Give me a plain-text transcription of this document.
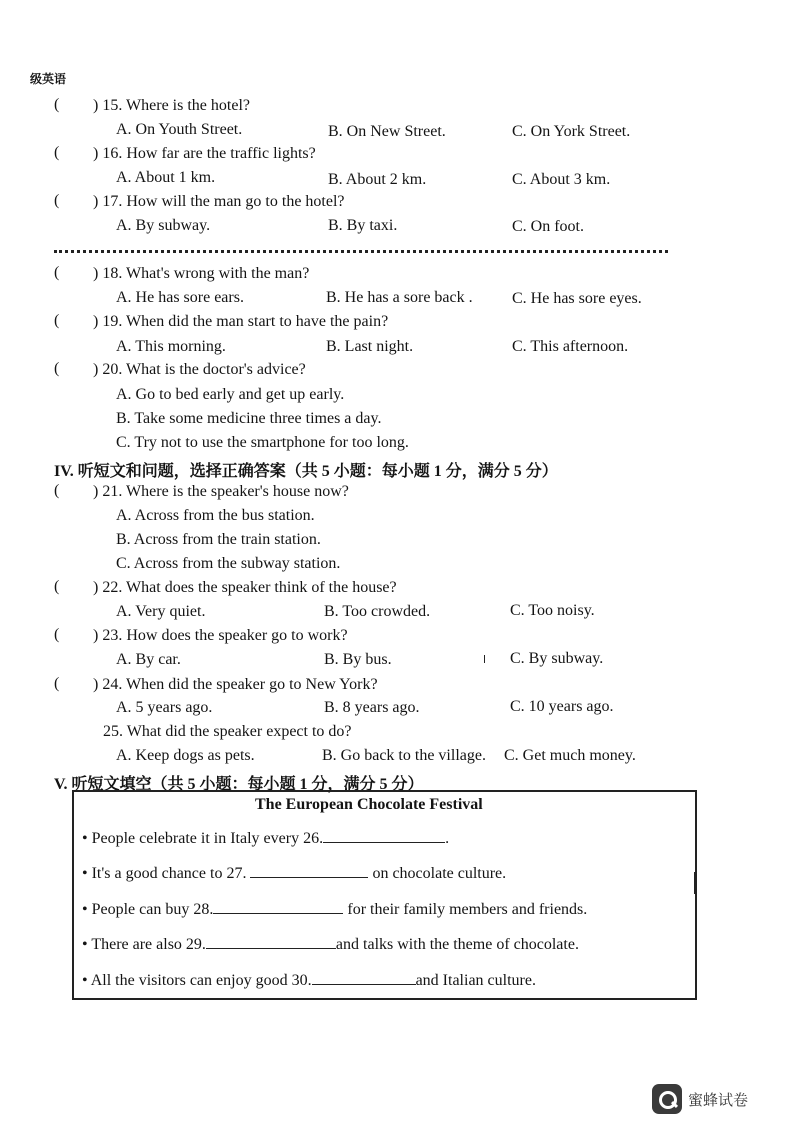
级英语
( ) 15. Where is the hotel?
A. On Youth Street.	B. On New Street.	C. On York Street.
( ) 16. How far are the traffic lights?
A. About 1 km.	B. About 2 km.	C. About 3 km.
( ) 17. How will the man go to the hotel?
A. By subway.	B. By taxi.	C. On foot.
( ) 18. What's wrong with the man?
A. He has sore ears.	B. He has a sore back . C. He has sore eyes.
( ) 19. When did the man start to have the pain?
A. This morning.	B. Last night.	C. This afternoon.
( ) 20. What is the doctor's advice?
A. Go to bed early and get up early.
B. Take some medicine three times a day.
C. Try not to use the smartphone for too long.
IV. 听短文和问题，选择正确答案（共 5 小题：每小题 1 分，满分 5 分）
( ) 21. Where is the speaker's house now?
A. Across from the bus station.
B. Across from the train station.
C. Across from the subway station.
( ) 22. What does the speaker think of the house?
A. Very quiet.	B. Too crowded.	C. Too noisy.
( ) 23. How does the speaker go to work?
A. By car.	B. By bus.	C. By subway.
( ) 24. When did the speaker go to New York?
A. 5 years ago.	B. 8 years ago.	C. 10 years ago.
25. What did the speaker expect to do?
A. Keep dogs as pets.	B. Go back to the village. C. Get much money.
V. 听短文填空（共 5 小题：每小题 1 分，满分 5 分）
The European Chocolate Festival
• People celebrate it in Italy every 26.	.
• It's a good chance to 27.	on chocolate culture.
• People can buy 28.	for their family members and friends.
• There are also 29.	and talks with the theme of chocolate.
• All the visitors can enjoy good 30.	and Italian culture.
蜜蜂试卷
